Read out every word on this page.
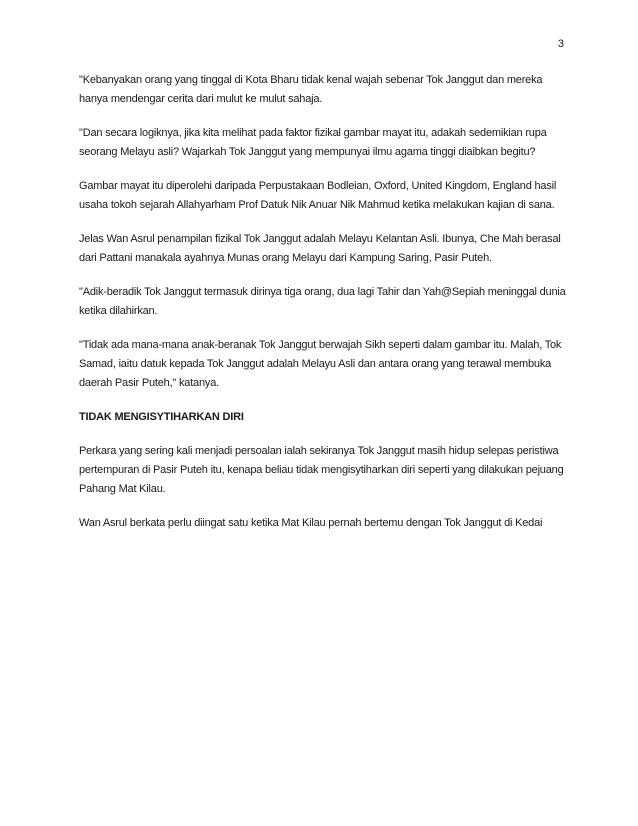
3

"Kebanyakan orang yang tinggal di Kota Bharu tidak kenal wajah sebenar Tok Janggut dan mereka hanya mendengar cerita dari mulut ke mulut sahaja.

"Dan secara logiknya, jika kita melihat pada faktor fizikal gambar mayat itu, adakah sedemikian rupa seorang Melayu asli? Wajarkah Tok Janggut yang mempunyai ilmu agama tinggi diaibkan begitu?

Gambar mayat itu diperolehi daripada Perpustakaan Bodleian, Oxford, United Kingdom, England hasil usaha tokoh sejarah Allahyarham Prof Datuk Nik Anuar Nik Mahmud ketika melakukan kajian di sana.

Jelas Wan Asrul penampilan fizikal Tok Janggut adalah Melayu Kelantan Asli. Ibunya, Che Mah berasal dari Pattani manakala ayahnya Munas orang Melayu dari Kampung Saring, Pasir Puteh.

"Adik-beradik Tok Janggut termasuk dirinya tiga orang, dua lagi Tahir dan Yah@Sepiah meninggal dunia ketika dilahirkan.

"Tidak ada mana-mana anak-beranak Tok Janggut berwajah Sikh seperti dalam gambar itu. Malah, Tok Samad, iaitu datuk kepada Tok Janggut adalah Melayu Asli dan antara orang yang terawal membuka daerah Pasir Puteh," katanya.

TIDAK MENGISYTIHARKAN DIRI

Perkara yang sering kali menjadi persoalan ialah sekiranya Tok Janggut masih hidup selepas peristiwa pertempuran di Pasir Puteh itu, kenapa beliau tidak mengisytiharkan diri seperti yang dilakukan pejuang Pahang Mat Kilau.

Wan Asrul berkata perlu diingat satu ketika Mat Kilau pernah bertemu dengan Tok Janggut di Kedai
